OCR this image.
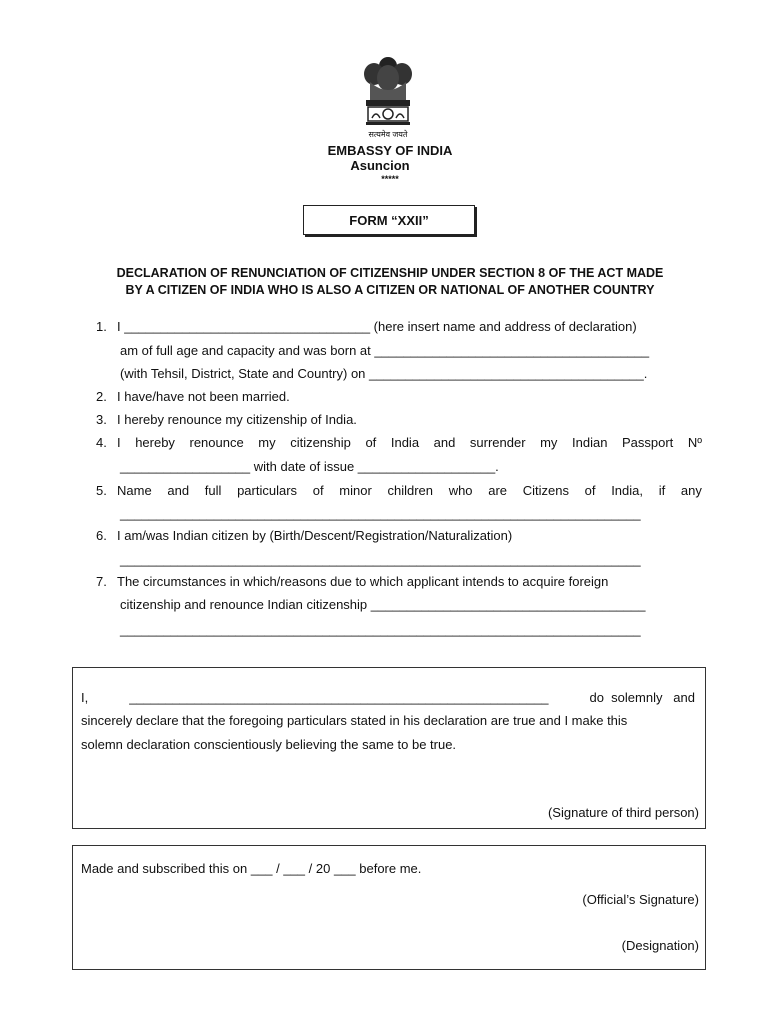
सत्यमेव जयते
EMBASSY OF INDIA
Asuncion
*****
FORM “XXII”
DECLARATION OF RENUNCIATION OF CITIZENSHIP UNDER SECTION 8 OF THE ACT MADE
BY A CITIZEN OF INDIA WHO IS ALSO A CITIZEN OR NATIONAL OF ANOTHER COUNTRY
1. I __________________________________ (here insert name and address of declaration)
am of full age and capacity and was born at ______________________________________
(with Tehsil, District, State and Country) on ______________________________________.
2. I have/have not been married.
3. I hereby renounce my citizenship of India.
4. I hereby renounce my citizenship of India and surrender my Indian Passport Nº
__________________ with date of issue ___________________.
5. Name and full particulars of minor children who are Citizens of India, if any
________________________________________________________________________
6. I am/was Indian citizen by (Birth/Descent/Registration/Naturalization)
________________________________________________________________________
7. The circumstances in which/reasons due to which applicant intends to acquire foreign
citizenship and renounce Indian citizenship ______________________________________
________________________________________________________________________
I,	__________________________________________________________	do  solemnly   and
sincerely declare that the foregoing particulars stated in his declaration are true and I make this
solemn declaration conscientiously believing the same to be true.
(Signature of third person)
Made and subscribed this on ___ / ___ / 20 ___ before me.
(Official’s Signature)
(Designation)
